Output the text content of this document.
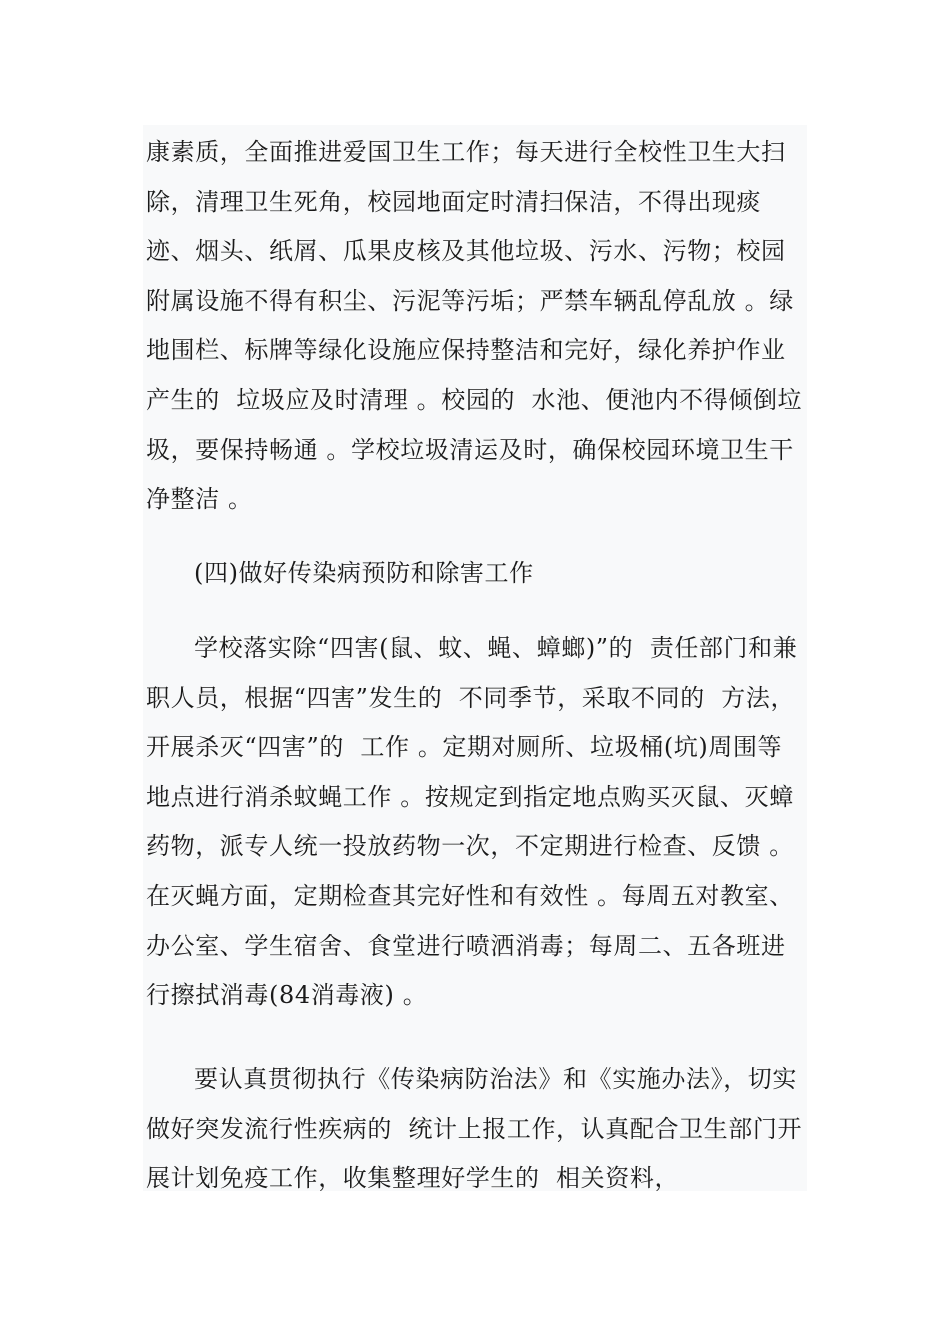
康素质，全面推进爱国卫生工作；每天进行全校性卫生大扫除，清理卫生死角，校园地面定时清扫保洁，不得出现痰迹、烟头、纸屑、瓜果皮核及其他垃圾、污水、污物；校园附属设施不得有积尘、污泥等污垢；严禁车辆乱停乱放 。绿地围栏、标牌等绿化设施应保持整洁和完好，绿化养护作业产生的  垃圾应及时清理 。校园的  水池、便池内不得倾倒垃圾，要保持畅通 。学校垃圾清运及时，确保校园环境卫生干净整洁 。

(四)做好传染病预防和除害工作

学校落实除“四害(鼠、蚊、蝇、蟑螂)”的  责任部门和兼职人员，根据“四害”发生的  不同季节，采取不同的  方法，开展杀灭“四害”的  工作 。定期对厕所、垃圾桶(坑)周围等地点进行消杀蚊蝇工作 。按规定到指定地点购买灭鼠、灭蟑药物，派专人统一投放药物一次，不定期进行检查、反馈 。在灭蝇方面，定期检查其完好性和有效性 。每周五对教室、办公室、学生宿舍、食堂进行喷洒消毒；每周二、五各班进行擦拭消毒(84消毒液) 。

要认真贯彻执行《传染病防治法》和《实施办法》，切实做好突发流行性疾病的  统计上报工作，认真配合卫生部门开展计划免疫工作，收集整理好学生的  相关资料，
